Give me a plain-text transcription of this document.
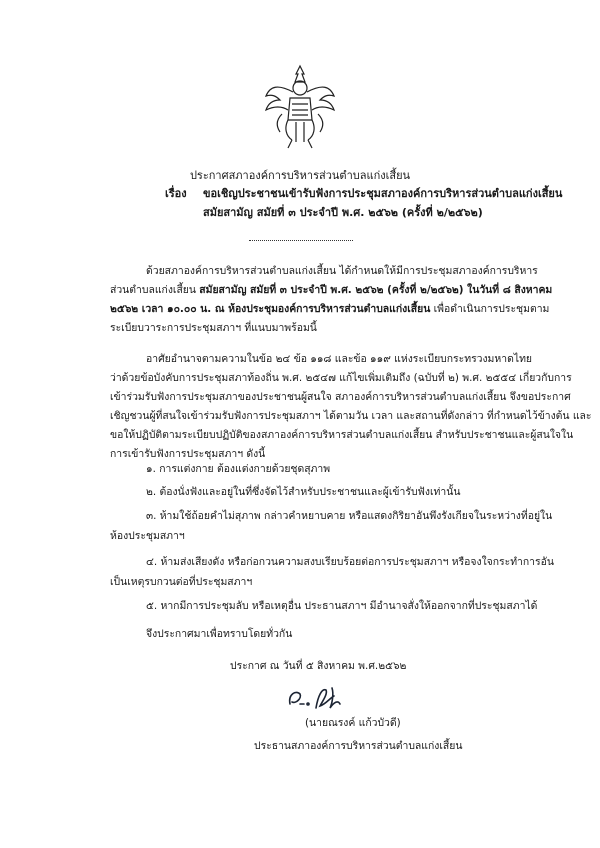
ประกาศสภาองค์การบริหารส่วนตำบลแก่งเสี้ยน
เรื่อง ขอเชิญประชาชนเข้ารับฟังการประชุมสภาองค์การบริหารส่วนตำบลแก่งเสี้ยน
สมัยสามัญ สมัยที่ ๓ ประจำปี พ.ศ. ๒๕๖๒ (ครั้งที่ ๒/๒๕๖๒)
ด้วยสภาองค์การบริหารส่วนตำบลแก่งเสี้ยน ได้กำหนดให้มีการประชุมสภาองค์การบริหาร
ส่วนตำบลแก่งเสี้ยน สมัยสามัญ สมัยที่ ๓ ประจำปี พ.ศ. ๒๕๖๒ (ครั้งที่ ๒/๒๕๖๒) ในวันที่ ๘ สิงหาคม
๒๕๖๒ เวลา ๑๐.๐๐ น. ณ ห้องประชุมองค์การบริหารส่วนตำบลแก่งเสี้ยน เพื่อดำเนินการประชุมตาม
ระเบียบวาระการประชุมสภาฯ ที่แนบมาพร้อมนี้
อาศัยอำนาจตามความในข้อ ๒๔ ข้อ ๑๑๘ และข้อ ๑๑๙ แห่งระเบียบกระทรวงมหาดไทย
ว่าด้วยข้อบังคับการประชุมสภาท้องถิ่น พ.ศ. ๒๕๔๗ แก้ไขเพิ่มเติมถึง (ฉบับที่ ๒) พ.ศ. ๒๕๕๔ เกี่ยวกับการ
เข้าร่วมรับฟังการประชุมสภาของประชาชนผู้สนใจ สภาองค์การบริหารส่วนตำบลแก่งเสี้ยน จึงขอประกาศ
เชิญชวนผู้ที่สนใจเข้าร่วมรับฟังการประชุมสภาฯ ได้ตามวัน เวลา และสถานที่ดังกล่าว ที่กำหนดไว้ข้างต้น และ
ขอให้ปฏิบัติตามระเบียบปฏิบัติของสภาองค์การบริหารส่วนตำบลแก่งเสี้ยน สำหรับประชาชนและผู้สนใจใน
การเข้ารับฟังการประชุมสภาฯ ดังนี้
๑. การแต่งกาย ต้องแต่งกายด้วยชุดสุภาพ
๒. ต้องนั่งฟังและอยู่ในที่ซึ่งจัดไว้สำหรับประชาชนและผู้เข้ารับฟังเท่านั้น
๓. ห้ามใช้ถ้อยคำไม่สุภาพ กล่าวคำหยาบคาย หรือแสดงกิริยาอันพึงรังเกียจในระหว่างที่อยู่ใน
ห้องประชุมสภาฯ
๔. ห้ามส่งเสียงดัง หรือก่อกวนความสงบเรียบร้อยต่อการประชุมสภาฯ หรือจงใจกระทำการอัน
เป็นเหตุรบกวนต่อที่ประชุมสภาฯ
๕. หากมีการประชุมลับ หรือเหตุอื่น ประธานสภาฯ มีอำนาจสั่งให้ออกจากที่ประชุมสภาได้
จึงประกาศมาเพื่อทราบโดยทั่วกัน
ประกาศ ณ วันที่ ๕ สิงหาคม พ.ศ.๒๕๖๒
(นายณรงค์ แก้วบัวดี)
ประธานสภาองค์การบริหารส่วนตำบลแก่งเสี้ยน
